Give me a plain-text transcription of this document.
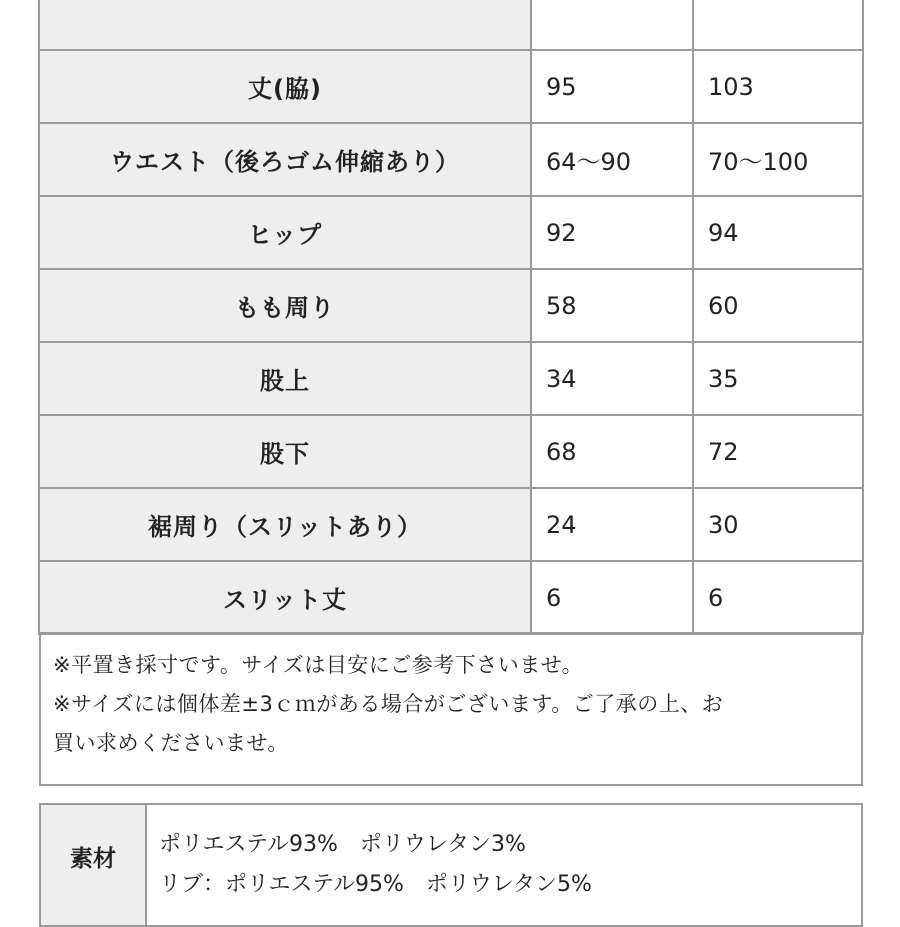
丈(脇)	95	103
ウエスト（後ろゴム伸縮あり）	64〜90	70〜100
ヒップ	92	94
もも周り	58	60
股上	34	35
股下	68	72
裾周り（スリットあり）	24	30
スリット丈	6	6

※平置き採寸です。サイズは目安にご参考下さいませ。

※サイズには個体差±3ｃｍがある場合がございます。ご了承の上、お

買い求めくださいませ。

素材
ポリエステル93%　ポリウレタン3%
リブ：ポリエステル95%　ポリウレタン5%
